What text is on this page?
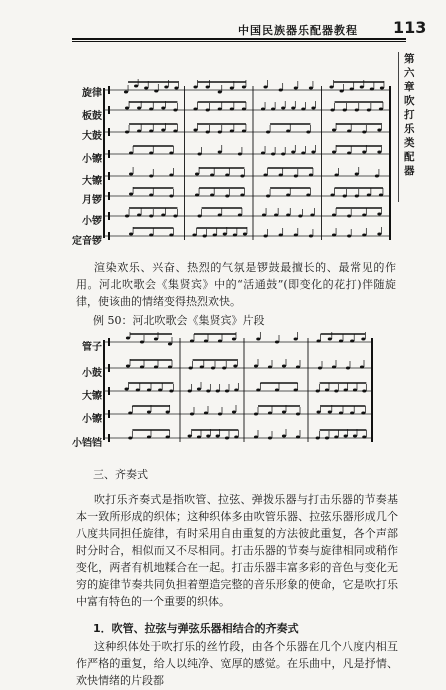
中国民族器乐配器教程 113
第六章 吹打乐类配器
旋律
板鼓
大鼓
小镲
大镲
月锣
小锣
定音锣
渲染欢乐、兴奋、热烈的气氛是锣鼓最擅长的、最常见的作用。河北吹歌会《集贤宾》中的“活通鼓”(即变化的花打)伴随旋律，使该曲的情绪变得热烈欢快。
例 50：河北吹歌会《集贤宾》片段
管子
小鼓
大镲
小镲
小铛铛
三、齐奏式
吹打乐齐奏式是指吹管、拉弦、弹拨乐器与打击乐器的节奏基本一致所形成的织体；这种织体多由吹管乐器、拉弦乐器形成几个八度共同担任旋律，有时采用自由重复的方法彼此重复，各个声部时分时合，相似而又不尽相同。打击乐器的节奏与旋律相同或稍作变化，两者有机地糅合在一起。打击乐器丰富多彩的音色与变化无穷的旋律节奏共同负担着塑造完整的音乐形象的使命，它是吹打乐中富有特色的一个重要的织体。
1．吹管、拉弦与弹弦乐器相结合的齐奏式
这种织体处于吹打乐的丝竹段，由各个乐器在几个八度内相互作严格的重复，给人以纯净、宽厚的感觉。在乐曲中，凡是抒情、欢快情绪的片段都
